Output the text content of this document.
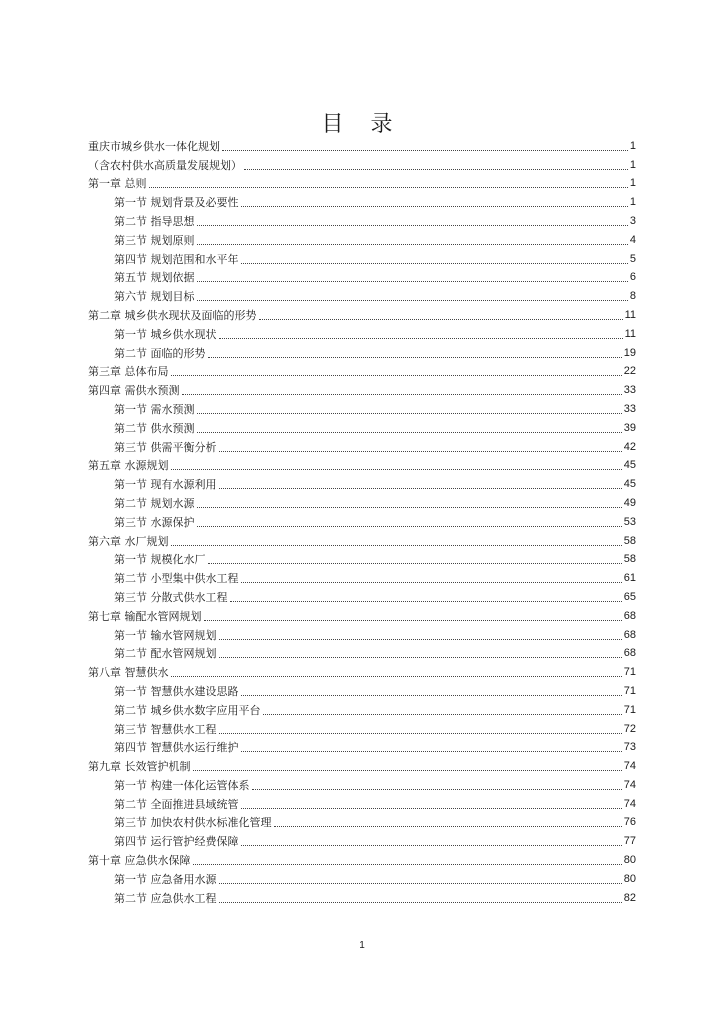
目 录
重庆市城乡供水一体化规划	1
（含农村供水高质量发展规划）	1
第一章 总则	1
第一节 规划背景及必要性	1
第二节 指导思想	3
第三节 规划原则	4
第四节 规划范围和水平年	5
第五节 规划依据	6
第六节 规划目标	8
第二章 城乡供水现状及面临的形势	11
第一节 城乡供水现状	11
第二节 面临的形势	19
第三章 总体布局	22
第四章 需供水预测	33
第一节 需水预测	33
第二节 供水预测	39
第三节 供需平衡分析	42
第五章 水源规划	45
第一节 现有水源利用	45
第二节 规划水源	49
第三节 水源保护	53
第六章 水厂规划	58
第一节 规模化水厂	58
第二节 小型集中供水工程	61
第三节 分散式供水工程	65
第七章 输配水管网规划	68
第一节 输水管网规划	68
第二节 配水管网规划	68
第八章 智慧供水	71
第一节 智慧供水建设思路	71
第二节 城乡供水数字应用平台	71
第三节 智慧供水工程	72
第四节 智慧供水运行维护	73
第九章 长效管护机制	74
第一节 构建一体化运管体系	74
第二节 全面推进县域统管	74
第三节 加快农村供水标准化管理	76
第四节 运行管护经费保障	77
第十章 应急供水保障	80
第一节 应急备用水源	80
第二节 应急供水工程	82
1
